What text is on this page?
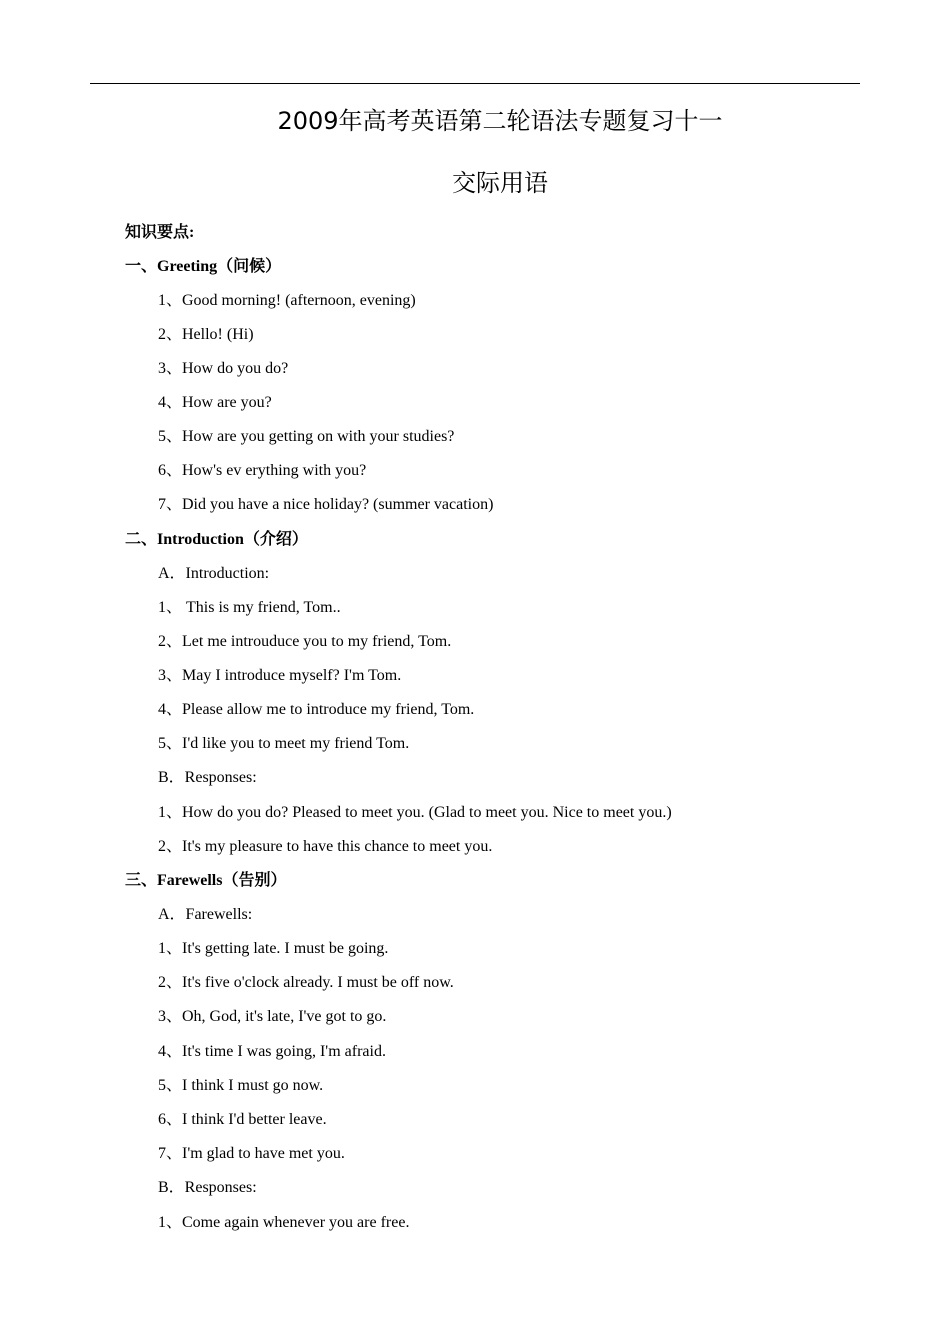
2009年高考英语第二轮语法专题复习十一
交际用语
知识要点:
一、Greeting（问候）
1、Good morning! (afternoon, evening)
2、Hello! (Hi)
3、How do you do?
4、How are you?
5、How are you getting on with your studies?
6、How's ev erything with you?
7、Did you have a nice holiday? (summer vacation)
二、Introduction（介绍）
A．Introduction:
1、 This is my friend, Tom..
2、Let me introuduce you to my friend, Tom.
3、May I introduce myself? I'm Tom.
4、Please allow me to introduce my friend, Tom.
5、I'd like you to meet my friend Tom.
B．Responses:
1、How do you do? Pleased to meet you. (Glad to meet you. Nice to meet you.)
2、It's my pleasure to have this chance to meet you.
三、Farewells（告别）
A．Farewells:
1、It's getting late. I must be going.
2、It's five o'clock already. I must be off now.
3、Oh, God, it's late, I've got to go.
4、It's time I was going, I'm afraid.
5、I think I must go now.
6、I think I'd better leave.
7、I'm glad to have met you.
B．Responses:
1、Come again whenever you are free.
